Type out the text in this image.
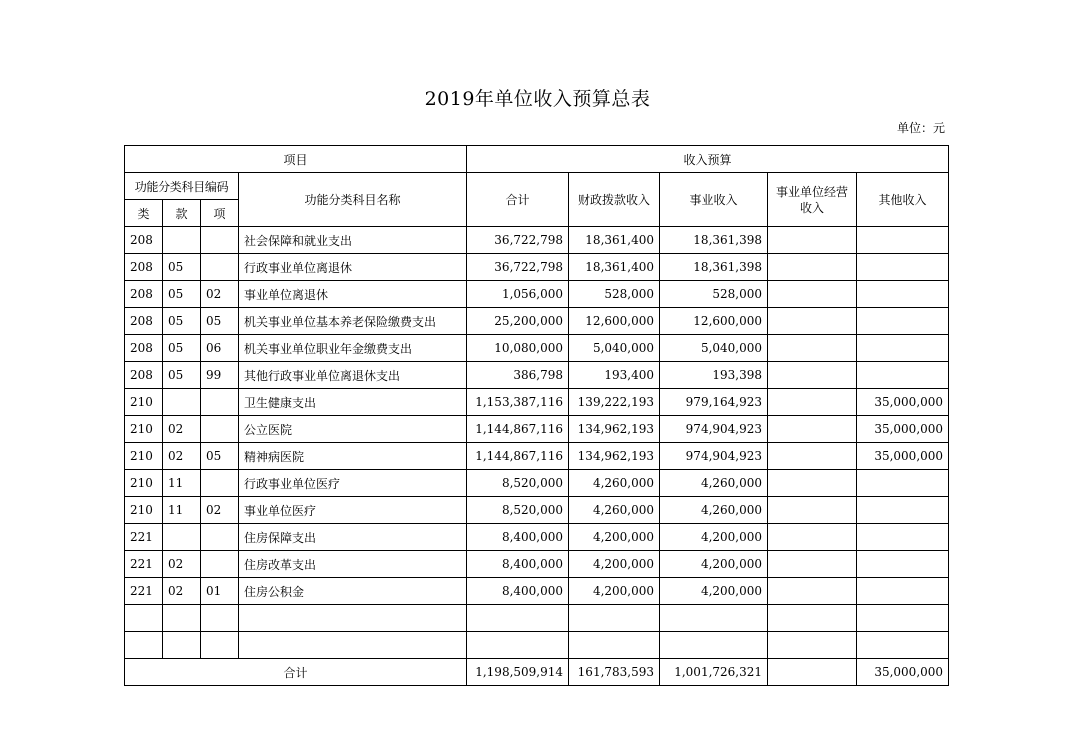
2019年单位收入预算总表
单位：元
项目				收入预算				
功能分类科目编码			功能分类科目名称	合计	财政拨款收入	事业收入	事业单位经营收入	其他收入
类	款	项						
208			社会保障和就业支出	36,722,798	18,361,400	18,361,398		
208	05		行政事业单位离退休	36,722,798	18,361,400	18,361,398		
208	05	02	事业单位离退休	1,056,000	528,000	528,000		
208	05	05	机关事业单位基本养老保险缴费支出	25,200,000	12,600,000	12,600,000		
208	05	06	机关事业单位职业年金缴费支出	10,080,000	5,040,000	5,040,000		
208	05	99	其他行政事业单位离退休支出	386,798	193,400	193,398		
210			卫生健康支出	1,153,387,116	139,222,193	979,164,923		35,000,000
210	02		公立医院	1,144,867,116	134,962,193	974,904,923		35,000,000
210	02	05	精神病医院	1,144,867,116	134,962,193	974,904,923		35,000,000
210	11		行政事业单位医疗	8,520,000	4,260,000	4,260,000		
210	11	02	事业单位医疗	8,520,000	4,260,000	4,260,000		
221			住房保障支出	8,400,000	4,200,000	4,200,000		
221	02		住房改革支出	8,400,000	4,200,000	4,200,000		
221	02	01	住房公积金	8,400,000	4,200,000	4,200,000		

合计				1,198,509,914	161,783,593	1,001,726,321		35,000,000
